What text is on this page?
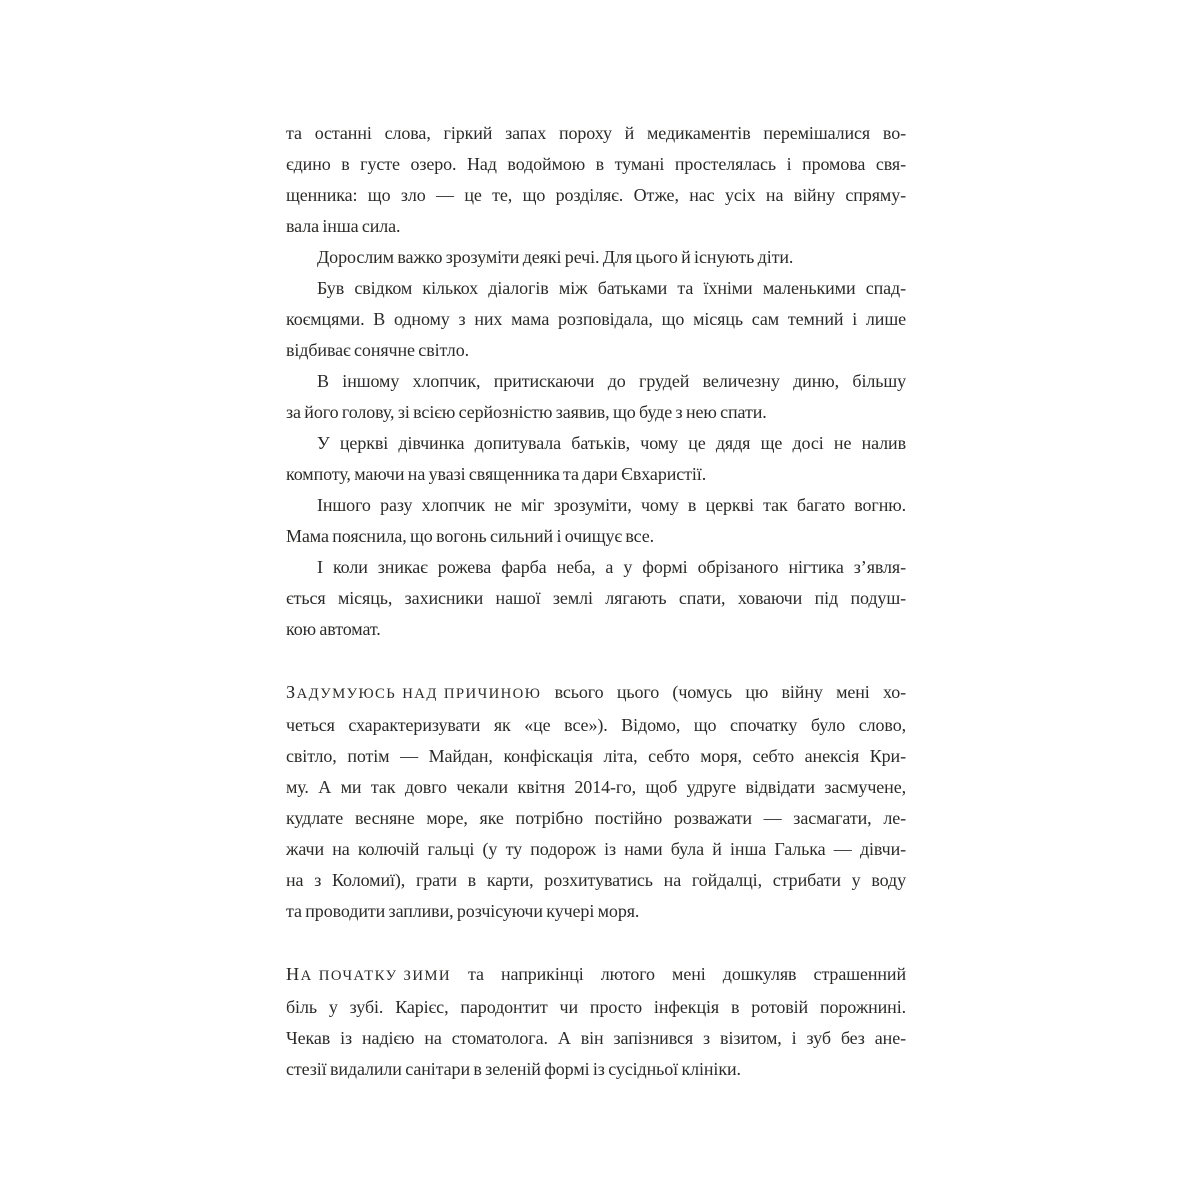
та останні слова, гіркий запах пороху й медикаментів перемішалися во-
єдино в густе озеро. Над водоймою в тумані простелялась і промова свя-
щенника: що зло — це те, що розділяє. Отже, нас усіх на війну спряму-
вала інша сила.
Дорослим важко зрозуміти деякі речі. Для цього й існують діти.
Був свідком кількох діалогів між батьками та їхніми маленькими спад-
коємцями. В одному з них мама розповідала, що місяць сам темний і лише
відбиває сонячне світло.
В іншому хлопчик, притискаючи до грудей величезну диню, більшу
за його голову, зі всією серйозністю заявив, що буде з нею спати.
У церкві дівчинка допитувала батьків, чому це дядя ще досі не налив
компоту, маючи на увазі священника та дари Євхаристії.
Іншого разу хлопчик не міг зрозуміти, чому в церкві так багато вогню.
Мама пояснила, що вогонь сильний і очищує все.
І коли зникає рожева фарба неба, а у формі обрізаного нігтика з’явля-
ється місяць, захисники нашої землі лягають спати, ховаючи під подуш-
кою автомат.
ЗАДУМУЮСЬ НАД ПРИЧИНОЮ всього цього (чомусь цю війну мені хо-
четься схарактеризувати як «це все»). Відомо, що спочатку було слово,
світло, потім — Майдан, конфіскація літа, себто моря, себто анексія Кри-
му. А ми так довго чекали квітня 2014-го, щоб удруге відвідати засмучене,
кудлате весняне море, яке потрібно постійно розважати — засмагати, ле-
жачи на колючій гальці (у ту подорож із нами була й інша Галька — дівчи-
на з Коломиї), грати в карти, розхитуватись на гойдалці, стрибати у воду
та проводити запливи, розчісуючи кучері моря.
НА ПОЧАТКУ ЗИМИ та наприкінці лютого мені дошкуляв страшенний
біль у зубі. Карієс, пародонтит чи просто інфекція в ротовій порожнині.
Чекав із надією на стоматолога. А він запізнився з візитом, і зуб без ане-
стезії видалили санітари в зеленій формі із сусідньої клініки.
